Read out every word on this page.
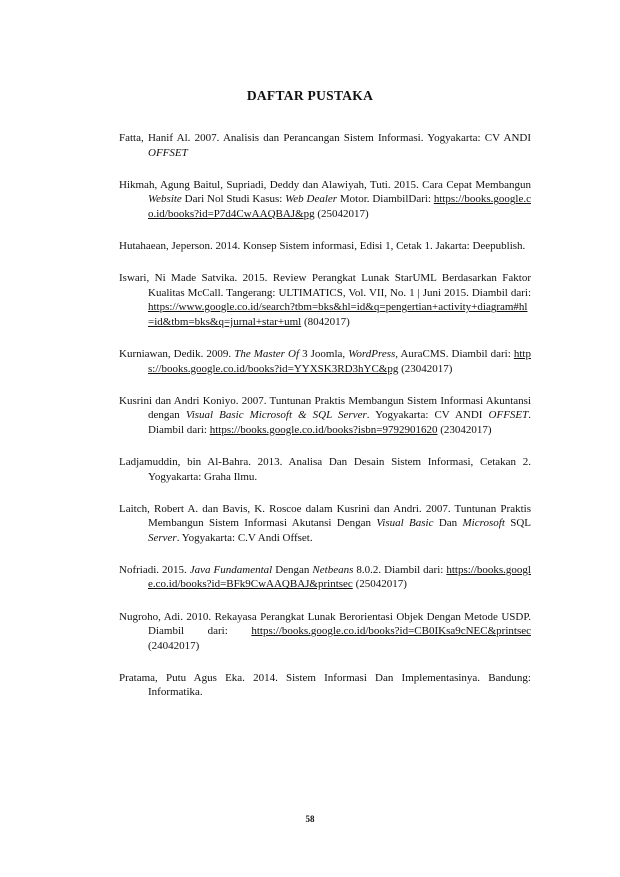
DAFTAR PUSTAKA

Fatta, Hanif Al. 2007. Analisis dan Perancangan Sistem Informasi. Yogyakarta: CV ANDI OFFSET

Hikmah, Agung Baitul, Supriadi, Deddy dan Alawiyah, Tuti. 2015. Cara Cepat Membangun Website Dari Nol Studi Kasus: Web Dealer Motor. DiambilDari: https://books.google.co.id/books?id=P7d4CwAAQBAJ&pg (25042017)

Hutahaean, Jeperson. 2014. Konsep Sistem informasi, Edisi 1, Cetak 1. Jakarta: Deepublish.

Iswari, Ni Made Satvika. 2015. Review Perangkat Lunak StarUML Berdasarkan Faktor Kualitas McCall. Tangerang: ULTIMATICS, Vol. VII, No. 1 | Juni 2015. Diambil dari: https://www.google.co.id/search?tbm=bks&hl=id&q=pengertian+activity+diagram#hl=id&tbm=bks&q=jurnal+star+uml (8042017)

Kurniawan, Dedik. 2009. The Master Of 3 Joomla, WordPress, AuraCMS. Diambil dari: https://books.google.co.id/books?id=YYXSK3RD3hYC&pg (23042017)

Kusrini dan Andri Koniyo. 2007. Tuntunan Praktis Membangun Sistem Informasi Akuntansi dengan Visual Basic Microsoft & SQL Server. Yogyakarta: CV ANDI OFFSET. Diambil dari: https://books.google.co.id/books?isbn=9792901620 (23042017)

Ladjamuddin, bin Al-Bahra. 2013. Analisa Dan Desain Sistem Informasi, Cetakan 2. Yogyakarta: Graha Ilmu.

Laitch, Robert A. dan Bavis, K. Roscoe dalam Kusrini dan Andri. 2007. Tuntunan Praktis Membangun Sistem Informasi Akutansi Dengan Visual Basic Dan Microsoft SQL Server. Yogyakarta: C.V Andi Offset.

Nofriadi. 2015. Java Fundamental Dengan Netbeans 8.0.2. Diambil dari: https://books.google.co.id/books?id=BFk9CwAAQBAJ&printsec (25042017)

Nugroho, Adi. 2010. Rekayasa Perangkat Lunak Berorientasi Objek Dengan Metode USDP. Diambil dari: https://books.google.co.id/books?id=CB0IKsa9cNEC&printsec (24042017)

Pratama, Putu Agus Eka. 2014. Sistem Informasi Dan Implementasinya. Bandung: Informatika.

58
